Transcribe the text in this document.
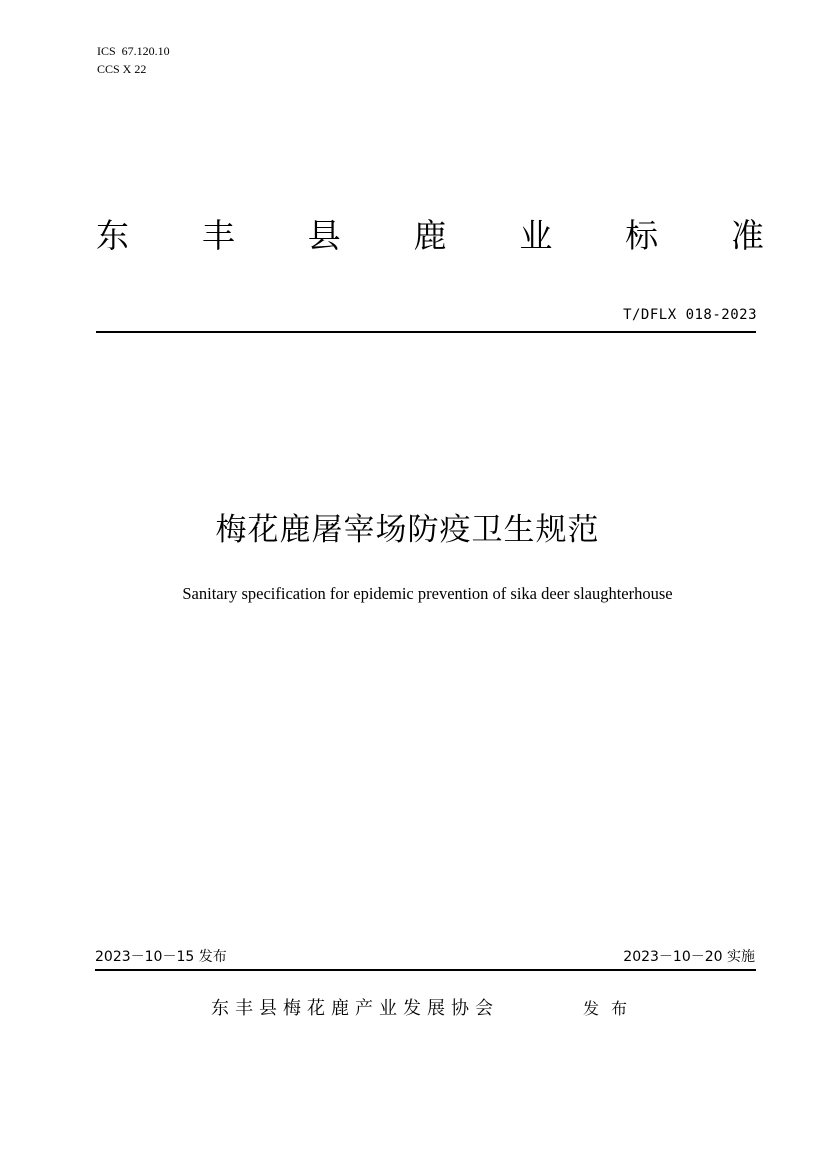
ICS  67.120.10
CCS X 22
东 丰 县 鹿 业 标 准
T/DFLX 018-2023
梅花鹿屠宰场防疫卫生规范
Sanitary specification for epidemic prevention of sika deer slaughterhouse
2023－10－15 发布	2023－10－20 实施
东丰县梅花鹿产业发展协会	发布
